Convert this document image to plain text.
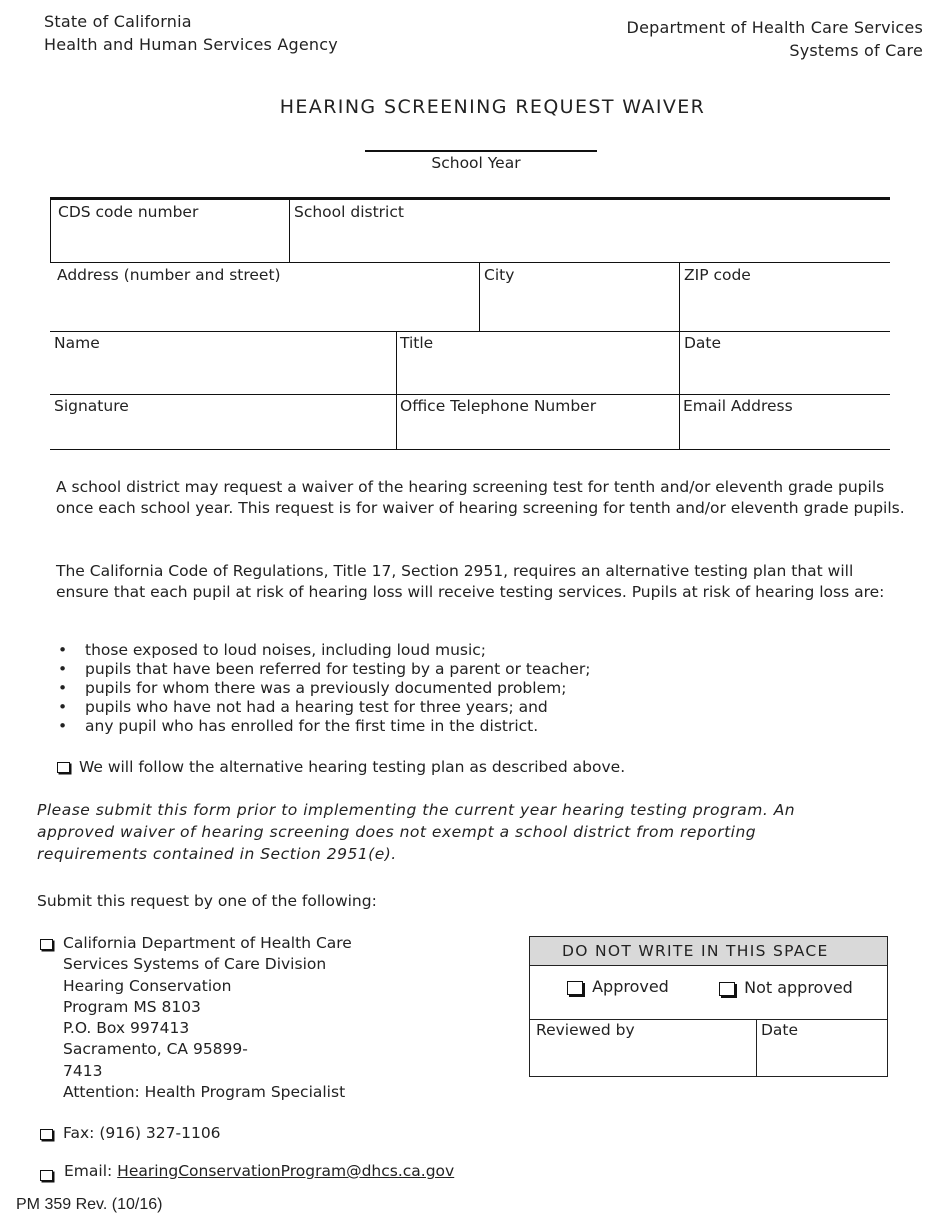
State of California
Health and Human Services Agency
Department of Health Care Services
Systems of Care
HEARING SCREENING REQUEST WAIVER
School Year
CDS code number	School district
Address (number and street)	City	ZIP code
Name	Title	Date
Signature	Office Telephone Number	Email Address
A school district may request a waiver of the hearing screening test for tenth and/or eleventh grade pupils once each school year. This request is for waiver of hearing screening for tenth and/or eleventh grade pupils.
The California Code of Regulations, Title 17, Section 2951, requires an alternative testing plan that will ensure that each pupil at risk of hearing loss will receive testing services. Pupils at risk of hearing loss are:
• those exposed to loud noises, including loud music;
• pupils that have been referred for testing by a parent or teacher;
• pupils for whom there was a previously documented problem;
• pupils who have not had a hearing test for three years; and
• any pupil who has enrolled for the first time in the district.
We will follow the alternative hearing testing plan as described above.
Please submit this form prior to implementing the current year hearing testing program. An
approved waiver of hearing screening does not exempt a school district from reporting
requirements contained in Section 2951(e).
Submit this request by one of the following:
California Department of Health Care
Services Systems of Care Division
Hearing Conservation
Program MS 8103
P.O. Box 997413
Sacramento, CA 95899-
7413
Attention: Health Program Specialist
Fax: (916) 327-1106
Email: HearingConservationProgram@dhcs.ca.gov
DO NOT WRITE IN THIS SPACE
Approved	Not approved
Reviewed by	Date
PM 359 Rev. (10/16)
